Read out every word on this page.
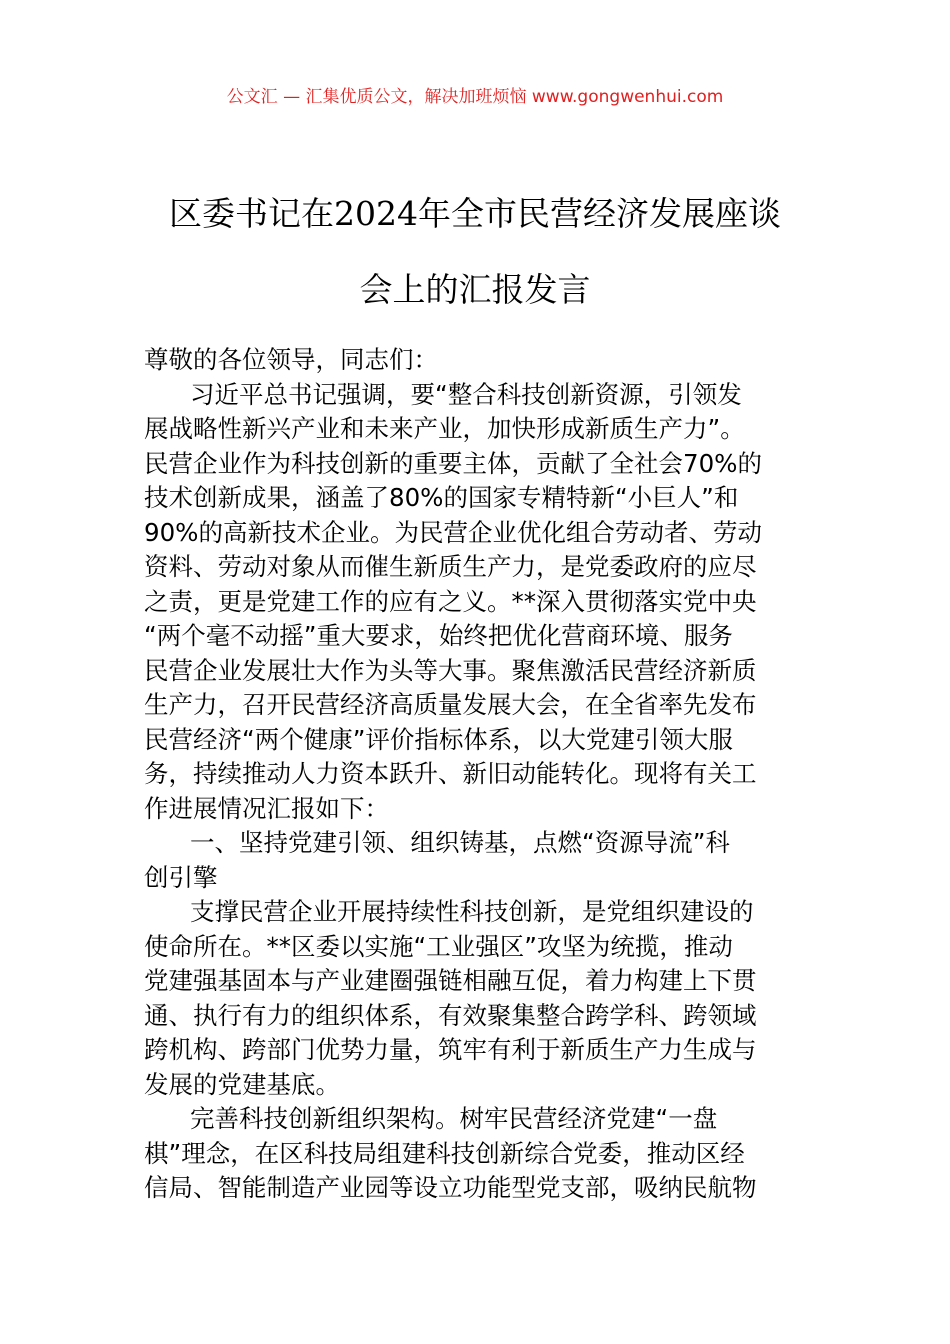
公文汇 — 汇集优质公文，解决加班烦恼 www.gongwenhui.com
区委书记在2024年全市民营经济发展座谈
会上的汇报发言
尊敬的各位领导，同志们：
习近平总书记强调，要“整合科技创新资源，引领发
展战略性新兴产业和未来产业，加快形成新质生产力”。
民营企业作为科技创新的重要主体，贡献了全社会70%的
技术创新成果，涵盖了80%的国家专精特新“小巨人”和
90%的高新技术企业。为民营企业优化组合劳动者、劳动
资料、劳动对象从而催生新质生产力，是党委政府的应尽
之责，更是党建工作的应有之义。**深入贯彻落实党中央
“两个毫不动摇”重大要求，始终把优化营商环境、服务
民营企业发展壮大作为头等大事。聚焦激活民营经济新质
生产力，召开民营经济高质量发展大会，在全省率先发布
民营经济“两个健康”评价指标体系，以大党建引领大服
务，持续推动人力资本跃升、新旧动能转化。现将有关工
作进展情况汇报如下：
一、坚持党建引领、组织铸基，点燃“资源导流”科
创引擎
支撑民营企业开展持续性科技创新，是党组织建设的
使命所在。**区委以实施“工业强区”攻坚为统揽，推动
党建强基固本与产业建圈强链相融互促，着力构建上下贯
通、执行有力的组织体系，有效聚集整合跨学科、跨领域
跨机构、跨部门优势力量，筑牢有利于新质生产力生成与
发展的党建基底。
完善科技创新组织架构。树牢民营经济党建“一盘
棋”理念，在区科技局组建科技创新综合党委，推动区经
信局、智能制造产业园等设立功能型党支部，吸纳民航物
